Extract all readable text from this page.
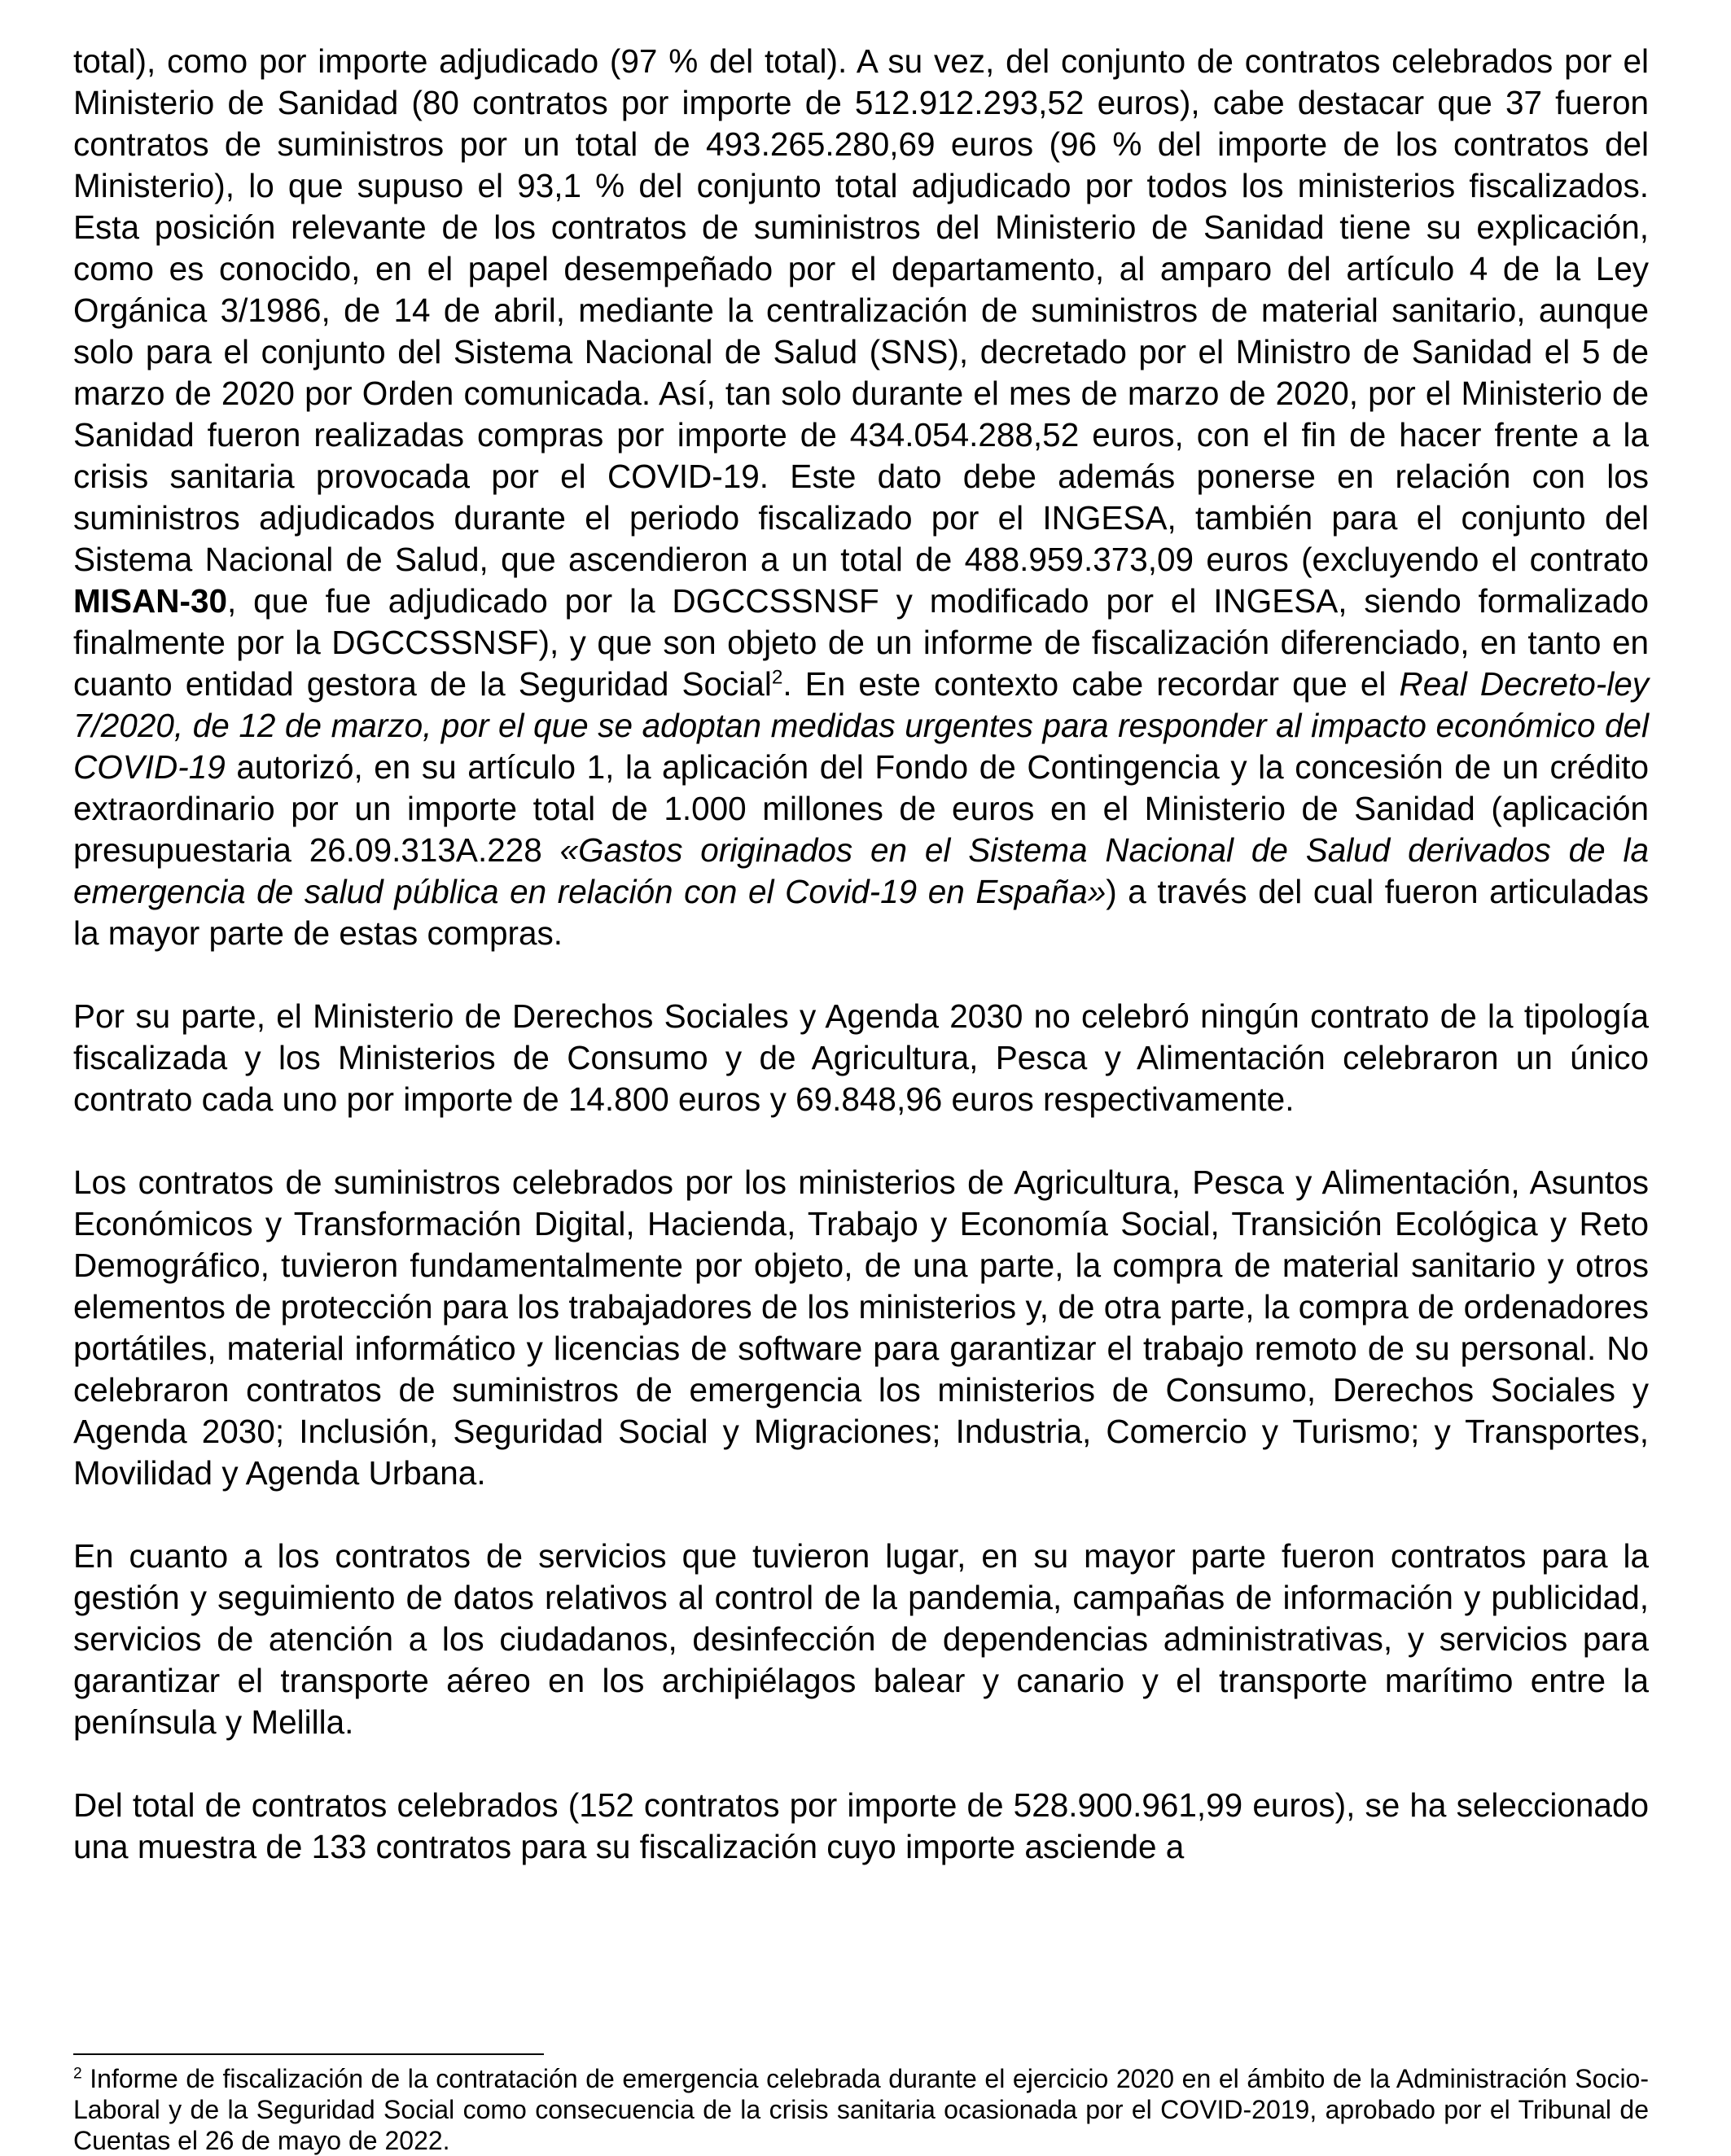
total), como por importe adjudicado (97 % del total). A su vez, del conjunto de contratos celebrados por el Ministerio de Sanidad (80 contratos por importe de 512.912.293,52 euros), cabe destacar que 37 fueron contratos de suministros por un total de 493.265.280,69 euros (96 % del importe de los contratos del Ministerio), lo que supuso el 93,1 % del conjunto total adjudicado por todos los ministerios fiscalizados. Esta posición relevante de los contratos de suministros del Ministerio de Sanidad tiene su explicación, como es conocido, en el papel desempeñado por el departamento, al amparo del artículo 4 de la Ley Orgánica 3/1986, de 14 de abril, mediante la centralización de suministros de material sanitario, aunque solo para el conjunto del Sistema Nacional de Salud (SNS), decretado por el Ministro de Sanidad el 5 de marzo de 2020 por Orden comunicada. Así, tan solo durante el mes de marzo de 2020, por el Ministerio de Sanidad fueron realizadas compras por importe de 434.054.288,52 euros, con el fin de hacer frente a la crisis sanitaria provocada por el COVID-19. Este dato debe además ponerse en relación con los suministros adjudicados durante el periodo fiscalizado por el INGESA, también para el conjunto del Sistema Nacional de Salud, que ascendieron a un total de 488.959.373,09 euros (excluyendo el contrato MISAN-30, que fue adjudicado por la DGCCSSNSF y modificado por el INGESA, siendo formalizado finalmente por la DGCCSSNSF), y que son objeto de un informe de fiscalización diferenciado, en tanto en cuanto entidad gestora de la Seguridad Social$^2$. En este contexto cabe recordar que el Real Decreto-ley 7/2020, de 12 de marzo, por el que se adoptan medidas urgentes para responder al impacto económico del COVID-19 autorizó, en su artículo 1, la aplicación del Fondo de Contingencia y la concesión de un crédito extraordinario por un importe total de 1.000 millones de euros en el Ministerio de Sanidad (aplicación presupuestaria 26.09.313A.228 «Gastos originados en el Sistema Nacional de Salud derivados de la emergencia de salud pública en relación con el Covid-19 en España») a través del cual fueron articuladas la mayor parte de estas compras.

Por su parte, el Ministerio de Derechos Sociales y Agenda 2030 no celebró ningún contrato de la tipología fiscalizada y los Ministerios de Consumo y de Agricultura, Pesca y Alimentación celebraron un único contrato cada uno por importe de 14.800 euros y 69.848,96 euros respectivamente.

Los contratos de suministros celebrados por los ministerios de Agricultura, Pesca y Alimentación, Asuntos Económicos y Transformación Digital, Hacienda, Trabajo y Economía Social, Transición Ecológica y Reto Demográfico, tuvieron fundamentalmente por objeto, de una parte, la compra de material sanitario y otros elementos de protección para los trabajadores de los ministerios y, de otra parte, la compra de ordenadores portátiles, material informático y licencias de software para garantizar el trabajo remoto de su personal. No celebraron contratos de suministros de emergencia los ministerios de Consumo, Derechos Sociales y Agenda 2030; Inclusión, Seguridad Social y Migraciones; Industria, Comercio y Turismo; y Transportes, Movilidad y Agenda Urbana.

En cuanto a los contratos de servicios que tuvieron lugar, en su mayor parte fueron contratos para la gestión y seguimiento de datos relativos al control de la pandemia, campañas de información y publicidad, servicios de atención a los ciudadanos, desinfección de dependencias administrativas, y servicios para garantizar el transporte aéreo en los archipiélagos balear y canario y el transporte marítimo entre la península y Melilla.

Del total de contratos celebrados (152 contratos por importe de 528.900.961,99 euros), se ha seleccionado una muestra de 133 contratos para su fiscalización cuyo importe asciende a

$^2$ Informe de fiscalización de la contratación de emergencia celebrada durante el ejercicio 2020 en el ámbito de la Administración Socio-Laboral y de la Seguridad Social como consecuencia de la crisis sanitaria ocasionada por el COVID-2019, aprobado por el Tribunal de Cuentas el 26 de mayo de 2022.
